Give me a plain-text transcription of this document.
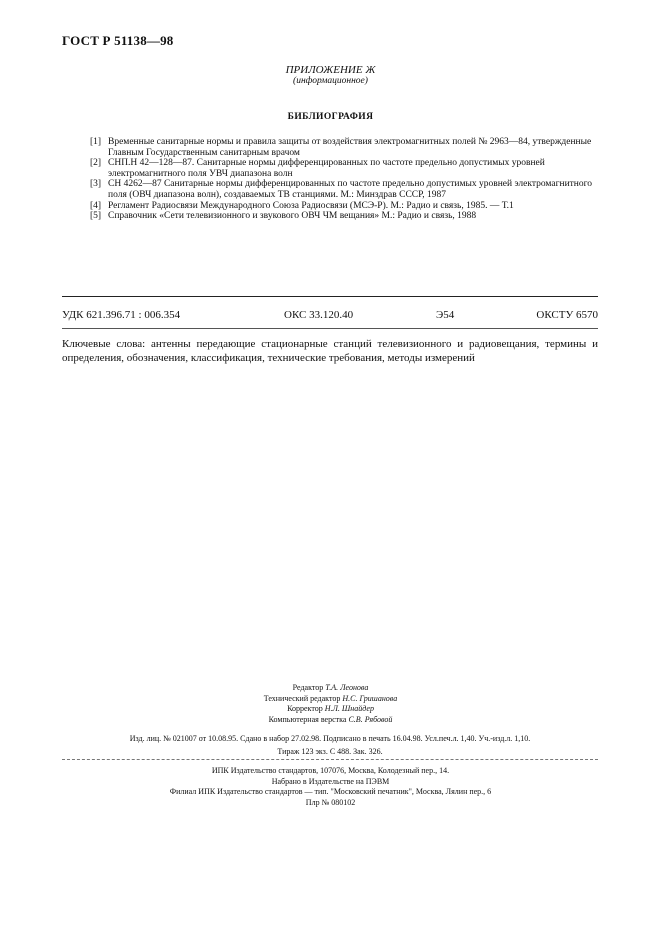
ГОСТ Р 51138—98
ПРИЛОЖЕНИЕ Ж
(информационное)
БИБЛИОГРАФИЯ
[1] Временные санитарные нормы и правила защиты от воздействия электромагнитных полей № 2963—84, утвержденные Главным Государственным санитарным врачом
[2] СНП.Н 42—128—87. Санитарные нормы дифференцированных по частоте предельно допустимых уровней электромагнитного поля УВЧ диапазона волн
[3] СН 4262—87 Санитарные нормы дифференцированных по частоте предельно допустимых уровней электромагнитного поля (ОВЧ диапазона волн), создаваемых ТВ станциями. М.: Минздрав СССР, 1987
[4] Регламент Радиосвязи Международного Союза Радиосвязи (МСЭ-Р). М.: Радио и связь, 1985. — Т.1
[5] Справочник «Сети телевизионного и звукового ОВЧ ЧМ вещания» М.: Радио и связь, 1988
УДК 621.396.71 : 006.354	ОКС 33.120.40	Э54	ОКСТУ 6570
Ключевые слова: антенны передающие стационарные станций телевизионного и радиовещания, термины и определения, обозначения, классификация, технические требования, методы измерений
Редактор Т.А. Леонова
Технический редактор Н.С. Гришанова
Корректор Н.Л. Шнайдер
Компьютерная верстка С.В. Рябовой
Изд. лиц. № 021007 от 10.08.95. Сдано в набор 27.02.98. Подписано в печать 16.04.98. Усл.печ.л. 1,40. Уч.-изд.л. 1,10.
Тираж 123 экз. С 488. Зак. 326.
ИПК Издательство стандартов, 107076, Москва, Колодезный пер., 14.
Набрано в Издательстве на ПЭВМ
Филиал ИПК Издательство стандартов — тип. "Московский печатник", Москва, Лялин пер., 6
Плр № 080102
